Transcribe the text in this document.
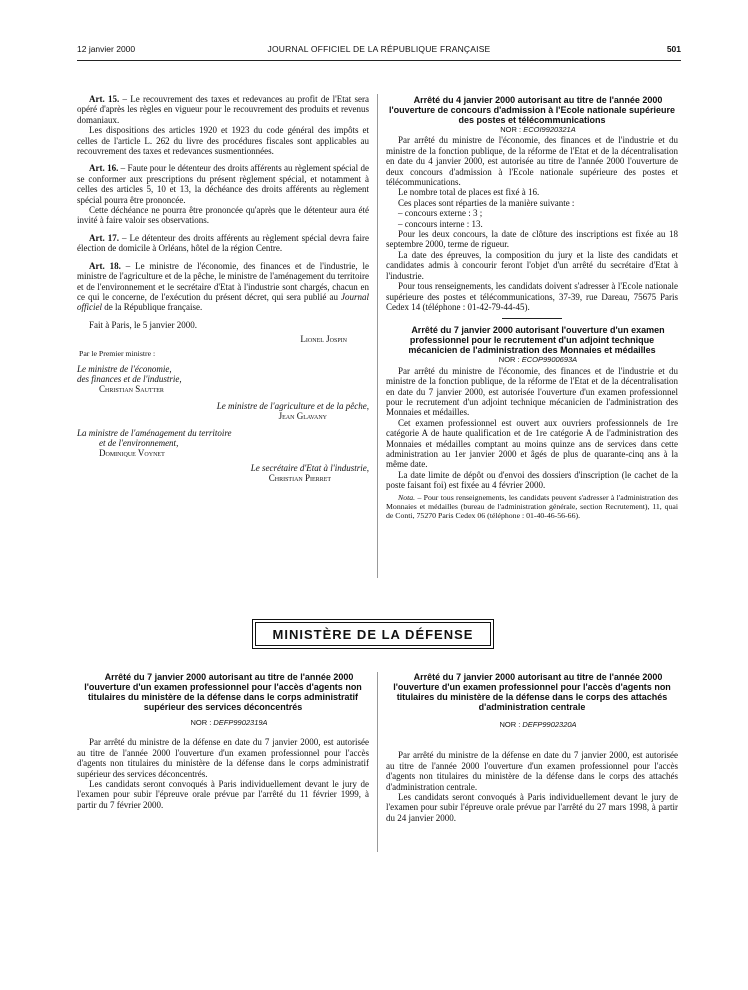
12 janvier 2000	JOURNAL OFFICIEL DE LA RÉPUBLIQUE FRANÇAISE	501

Art. 15. – Le recouvrement des taxes et redevances au profit de l'Etat sera opéré d'après les règles en vigueur pour le recouvrement des produits et revenus domaniaux.

Les dispositions des articles 1920 et 1923 du code général des impôts et celles de l'article L. 262 du livre des procédures fiscales sont applicables au recouvrement des taxes et redevances susmentionnées.

Art. 16. – Faute pour le détenteur des droits afférents au règlement spécial de se conformer aux prescriptions du présent règlement spécial, et notamment à celles des articles 5, 10 et 13, la déchéance des droits afférents au règlement spécial pourra être prononcée.

Cette déchéance ne pourra être prononcée qu'après que le détenteur aura été invité à faire valoir ses observations.

Art. 17. – Le détenteur des droits afférents au règlement spécial devra faire élection de domicile à Orléans, hôtel de la région Centre.

Art. 18. – Le ministre de l'économie, des finances et de l'industrie, le ministre de l'agriculture et de la pêche, le ministre de l'aménagement du territoire et de l'environnement et le secrétaire d'Etat à l'industrie sont chargés, chacun en ce qui le concerne, de l'exécution du présent décret, qui sera publié au Journal officiel de la République française.

Fait à Paris, le 5 janvier 2000.

Lionel Jospin

Par le Premier ministre :

Le ministre de l'économie,

des finances et de l'industrie,

Christian Sautter

Le ministre de l'agriculture et de la pêche,

Jean Glavany

La ministre de l'aménagement du territoire

et de l'environnement,

Dominique Voynet

Le secrétaire d'Etat à l'industrie,

Christian Pierret

Arrêté du 4 janvier 2000 autorisant au titre de l'année 2000 l'ouverture de concours d'admission à l'Ecole nationale supérieure des postes et télécommunications

NOR : ECOI9920321A

Par arrêté du ministre de l'économie, des finances et de l'industrie et du ministre de la fonction publique, de la réforme de l'Etat et de la décentralisation en date du 4 janvier 2000, est autorisée au titre de l'année 2000 l'ouverture de deux concours d'admission à l'Ecole nationale supérieure des postes et télécommunications.

Le nombre total de places est fixé à 16.

Ces places sont réparties de la manière suivante :

– concours externe : 3 ;

– concours interne : 13.

Pour les deux concours, la date de clôture des inscriptions est fixée au 18 septembre 2000, terme de rigueur.

La date des épreuves, la composition du jury et la liste des candidats et candidates admis à concourir feront l'objet d'un arrêté du secrétaire d'Etat à l'industrie.

Pour tous renseignements, les candidats doivent s'adresser à l'Ecole nationale supérieure des postes et télécommunications, 37-39, rue Dareau, 75675 Paris Cedex 14 (téléphone : 01-42-79-44-45).

Arrêté du 7 janvier 2000 autorisant l'ouverture d'un examen professionnel pour le recrutement d'un adjoint technique mécanicien de l'administration des Monnaies et médailles

NOR : ECOP9900693A

Par arrêté du ministre de l'économie, des finances et de l'industrie et du ministre de la fonction publique, de la réforme de l'Etat et de la décentralisation en date du 7 janvier 2000, est autorisée l'ouverture d'un examen professionnel pour le recrutement d'un adjoint technique mécanicien de l'administration des Monnaies et médailles.

Cet examen professionnel est ouvert aux ouvriers professionnels de 1re catégorie A de haute qualification et de 1re catégorie A de l'administration des Monnaies et médailles comptant au moins quinze ans de services dans cette administration au 1er janvier 2000 et âgés de plus de quarante-cinq ans à la même date.

La date limite de dépôt ou d'envoi des dossiers d'inscription (le cachet de la poste faisant foi) est fixée au 4 février 2000.

Nota. – Pour tous renseignements, les candidats peuvent s'adresser à l'administration des Monnaies et médailles (bureau de l'administration générale, section Recrutement), 11, quai de Conti, 75270 Paris Cedex 06 (téléphone : 01-40-46-56-66).

MINISTÈRE DE LA DÉFENSE

Arrêté du 7 janvier 2000 autorisant au titre de l'année 2000 l'ouverture d'un examen professionnel pour l'accès d'agents non titulaires du ministère de la défense dans le corps administratif supérieur des services déconcentrés

NOR : DEFP9902319A

Par arrêté du ministre de la défense en date du 7 janvier 2000, est autorisée au titre de l'année 2000 l'ouverture d'un examen professionnel pour l'accès d'agents non titulaires du ministère de la défense dans le corps administratif supérieur des services déconcentrés.

Les candidats seront convoqués à Paris individuellement devant le jury de l'examen pour subir l'épreuve orale prévue par l'arrêté du 11 février 1999, à partir du 7 février 2000.

Arrêté du 7 janvier 2000 autorisant au titre de l'année 2000 l'ouverture d'un examen professionnel pour l'accès d'agents non titulaires du ministère de la défense dans le corps des attachés d'administration centrale

NOR : DEFP9902320A

Par arrêté du ministre de la défense en date du 7 janvier 2000, est autorisée au titre de l'année 2000 l'ouverture d'un examen professionnel pour l'accès d'agents non titulaires du ministère de la défense dans le corps des attachés d'administration centrale.

Les candidats seront convoqués à Paris individuellement devant le jury de l'examen pour subir l'épreuve orale prévue par l'arrêté du 27 mars 1998, à partir du 24 janvier 2000.
